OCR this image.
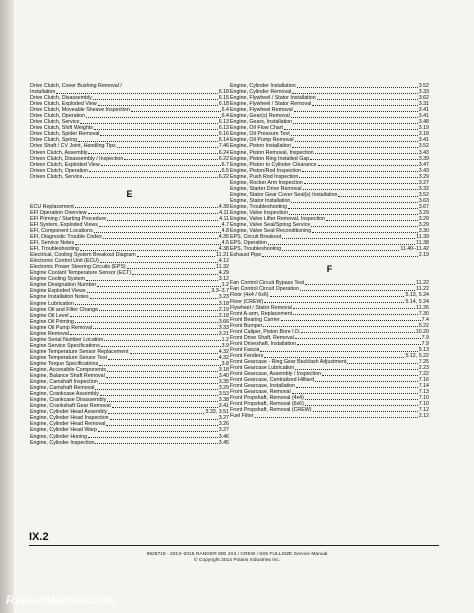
Drive Clutch, Cover Bushing Removal /
Installation	6.18
Drive Clutch, Disassembly	6.15
Drive Clutch, Exploded View	6.18
Drive Clutch, Moveable Sheave Inspection	6.4
Drive Clutch, Operation	6.4
Drive Clutch, Service	6.13
Drive Clutch, Shift Weights	6.13
Drive Clutch, Spider Removal	6.16
Drive Clutch, Spring	6.14
Drive Shaft / CV Joint, Handling Tips	7.46
Driven Clutch, Assembly	6.24
Driven Clutch, Disassembly / Inspection	6.22
Driven Clutch, Exploded View	6.7
Driven Clutch, Operation	6.5
Driven Clutch, Service	6.22
E
ECU Replacement	4.39
EFI Operation Overview	4.11
EFI Priming / Starting Procedure	4.11
EFI System, Exploded Views	4.7
EFI, Component Locations	4.8
EFI, Diagnostic Trouble Codes	4.35
EFI, Service Notes	4.5
EFI, Troubleshooting	4.38
Electrical, Cooling System Breakout Diagram	11.21
Electronic Control Unit (ECU)	4.12
Electronic Power Steering Circuits (EPS)	11.32
Engine Coolant Temperature Sensor (ECT)	4.29
Engine Cooling System	3.12
Engine Designation Number	1.2
Engine Exploded Views	3.3–3.7
Engine Installation Notes	3.23
Engine Lubrication	3.18
Engine Oil and Filter Change	2.19
Engine Oil Level	2.18
Engine Oil Priming	3.66
Engine Oil Pump Removal	3.33
Engine Removal	3.21
Engine Serial Number Location	1.2
Engine Service Specifications	3.9
Engine Temperature Sensor Replacement	4.32
Engine Temperature Sensor Test	4.32
Engine Torque Specifications	3.8
Engine, Accessible Components	3.18
Engine, Balance Shaft Removal	3.40
Engine, Camshaft Inspection	3.35
Engine, Camshaft Removal	3.29
Engine, Crankcase Assembly	3.53
Engine, Crankcase Disassembly	3.38
Engine, Crankshaft Gear Removal	3.41
Engine, Cylinder Head Assembly	3.33, 3.51
Engine, Cylinder Head Inspection	3.27
Engine, Cylinder Head Removal	3.26
Engine, Cylinder Head Warp	3.27
Engine, Cylinder Honing	3.46
Engine, Cylinder Inspection	3.45
Engine, Cylinder Installation	3.52
Engine, Cylinder Removal	3.33
Engine, Flywheel / Stator Installation	3.62
Engine, Flywheel / Stator Removal	3.31
Engine, Flywheel Removal	3.41
Engine, Gear(s) Removal	3.41
Engine, Gears, Installation	3.48
Engine, Oil Flow Chart	3.19
Engine, Oil Pressure Test	3.18
Engine, Oil Pump Removal	3.41
Engine, Piston Installation	3.52
Engine, Piston Removal, Inspection	3.43
Engine, Piston Ring Installed Gap	3.39
Engine, Piston to Cylinder Clearance	3.47
Engine, Piston/Rod Inspection	3.43
Engine, Push Rod Inspection	3.29
Engine, Rocker Arm Inspection	3.27
Engine, Starter Drive Removal	3.32
Engine, Stator Gear Cover Seal(s) Installation	3.52
Engine, Stator Installation	3.63
Engine, Troubleshooting	3.67
Engine, Valve Inspection	3.29
Engine, Valve Lifter Removal, Inspection	3.29
Engine, Valve Seal/Spring Service	3.29
Engine, Valve Seat Reconditioning	3.30
EPS, Circuit Breakout	11.39
EPS, Operation	11.38
EPS, Troubleshooting	11.40–11.42
Exhaust Pipe	2.19
F
Fan Control Circuit Bypass Test	11.22
Fan Control Circuit Operation	11.22
Floor (4x4 / 6x6)	5.13, 5.24
Floor (CREW)	5.14, 5.24
Flywheel / Stator Removal	11.26
Front A-arm, Replacement	7.30
Front Bearing Carrier	7.4
Front Bumper	5.22
Front Caliper, Piston Bore I.D.	10.20
Front Drive Shaft, Removal	7.9
Front Driveshaft, Installation	7.9
Front Fascia	5.13
Front Fenders	5.12, 5.22
Front Gearcase - Ring Gear Backlash Adjustment	7.25
Front Gearcase Lubrication	2.23
Front Gearcase, Assembly / Inspection	7.22
Front Gearcase, Centralized Hilliard	7.16
Front Gearcase, Installation	7.14
Front Gearcase, Removal	7.13
Front Propshaft, Removal (4x4)	7.10
Front Propshaft, Removal (6x6)	7.10
Front Propshaft, Removal (CREW)	7.12
Fuel Filter	2.12
IX.2
9928718 - 2013–2015 RANGER 800 4X4 / CREW / 6X6 FULLSIZE Service Manual
© Copyright 2014 Polaris Industries Inc.
RepairManual.com
